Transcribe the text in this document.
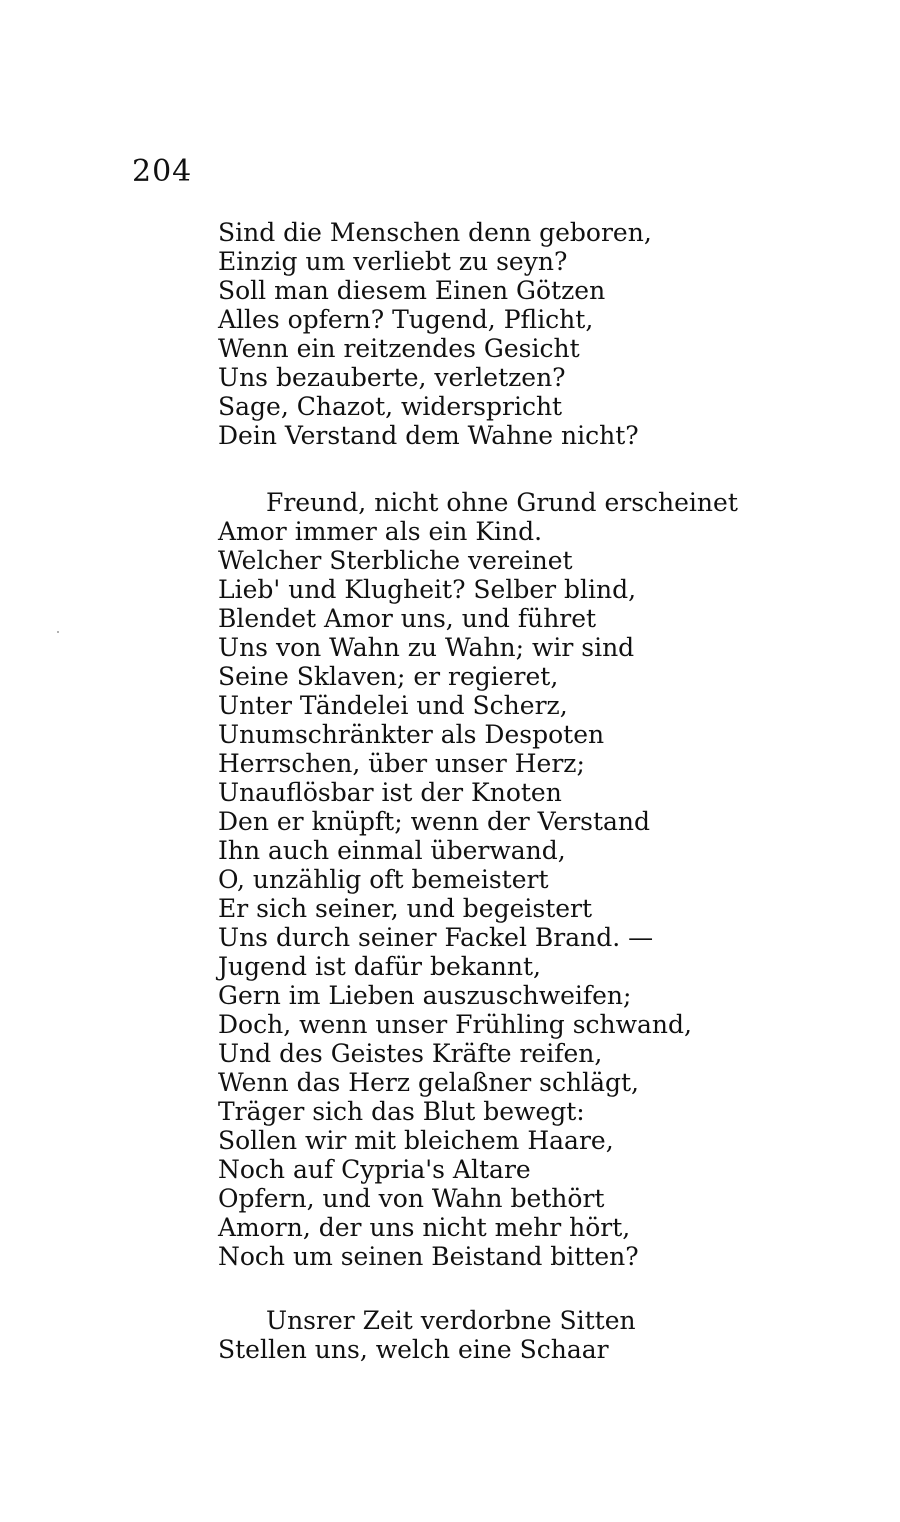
204
Sind die Menschen denn geboren,
Einzig um verliebt zu seyn?
Soll man diesem Einen Götzen
Alles opfern? Tugend, Pflicht,
Wenn ein reitzendes Gesicht
Uns bezauberte, verletzen?
Sage, Chazot, widerspricht
Dein Verstand dem Wahne nicht?
Freund, nicht ohne Grund erscheinet
Amor immer als ein Kind.
Welcher Sterbliche vereinet
Lieb' und Klugheit? Selber blind,
Blendet Amor uns, und führet
Uns von Wahn zu Wahn; wir sind
Seine Sklaven; er regieret,
Unter Tändelei und Scherz,
Unumschränkter als Despoten
Herrschen, über unser Herz;
Unauflösbar ist der Knoten
Den er knüpft; wenn der Verstand
Ihn auch einmal überwand,
O, unzählig oft bemeistert
Er sich seiner, und begeistert
Uns durch seiner Fackel Brand. —
Jugend ist dafür bekannt,
Gern im Lieben auszuschweifen;
Doch, wenn unser Frühling schwand,
Und des Geistes Kräfte reifen,
Wenn das Herz gelaßner schlägt,
Träger sich das Blut bewegt:
Sollen wir mit bleichem Haare,
Noch auf Cypria's Altare
Opfern, und von Wahn bethört
Amorn, der uns nicht mehr hört,
Noch um seinen Beistand bitten?
Unsrer Zeit verdorbne Sitten
Stellen uns, welch eine Schaar
